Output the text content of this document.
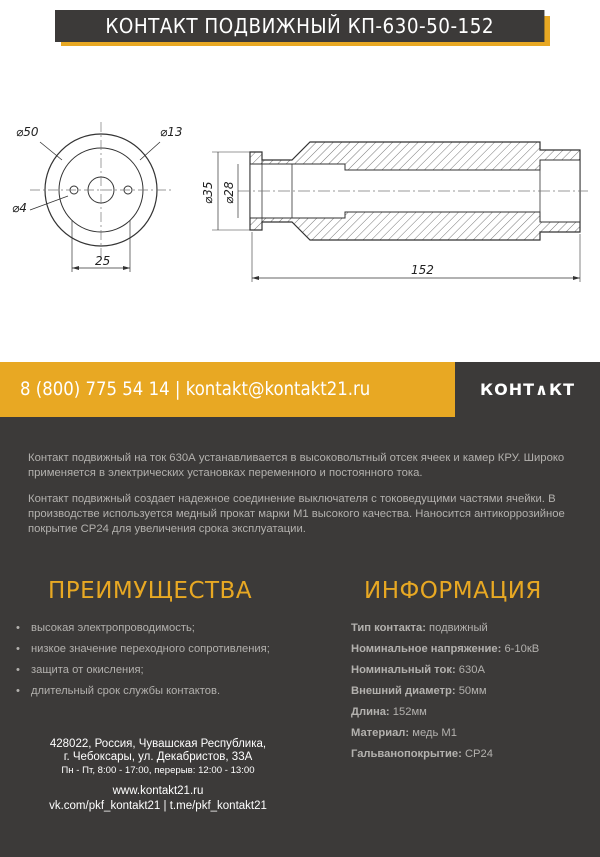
КОНТАКТ ПОДВИЖНЫЙ КП-630-50-152
⌀50	⌀13
⌀4
25
⌀35 ⌀28
152
8 (800) 775 54 14 | kontakt@kontakt21.ru	КОНТ∧КТ

Контакт подвижный на ток 630А устанавливается в высоковольтный отсек ячеек и камер КРУ. Широко применяется в электрических установках переменного и постоянного тока.

Контакт подвижный создает надежное соединение выключателя с токоведущими частями ячейки. В производстве используется медный прокат марки М1 высокого качества. Наносится антикоррозийное покрытие СР24 для увеличения срока эксплуатации.

ПРЕИМУЩЕСТВА	ИНФОРМАЦИЯ
• высокая электропроводимость;
• низкое значение переходного сопротивления;
• защита от окисления;
• длительный срок службы контактов.
Тип контакта: подвижный
Номинальное напряжение: 6-10кВ
Номинальный ток: 630А
Внешний диаметр: 50мм
Длина: 152мм
Материал: медь М1
Гальванопокрытие: СР24
428022, Россия, Чувашская Республика,
г. Чебоксары, ул. Декабристов, 33А
Пн - Пт, 8:00 - 17:00, перерыв: 12:00 - 13:00
www.kontakt21.ru
vk.com/pkf_kontakt21 | t.me/pkf_kontakt21
